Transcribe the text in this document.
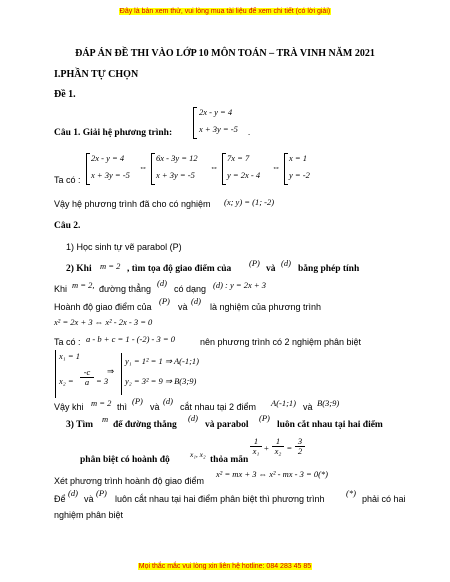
Đây là bản xem thử, vui lòng mua tài liệu để xem chi tiết (có lời giải)
Mọi thắc mắc vui lòng xin liên hệ hotline: 084 283 45 85
ĐÁP ÁN ĐỀ THI VÀO LỚP 10 MÔN TOÁN – TRÀ VINH NĂM 2021
I.PHẦN TỰ CHỌN
Đề 1.
Câu 1. Giải hệ phương trình:
2x - y = 4
x + 3y = -5 .
Ta có :
2x - y = 4
x + 3y = -5
⇔
6x - 3y = 12
x + 3y = -5
⇔
7x = 7
y = 2x - 4
⇔
x = 1
y = -2
Vậy hệ phương trình đã cho có nghiệm (x; y) = (1; -2)
Câu 2.
1) Học sinh tự vẽ parabol (P)
2) Khi m = 2 , tìm tọa độ giao điểm của
(P)
và
(d)
bằng phép tính
Khi m = 2, đường thẳng
(d)
có dạng (d) : y = 2x + 3
Hoành độ giao điểm của
(P)
và
(d)
là nghiệm của phương trình
x² = 2x + 3 ⇔ x² - 2x - 3 = 0
Ta có : a - b + c = 1 - (-2) - 3 = 0	nên phương trình có 2 nghiệm phân biệt
x₁ = 1
$x_2 = \frac{-c}{a} = 3$
⇒
y₁ = 1² = 1 ⇒ A(-1;1)
y₂ = 3² = 9 ⇒ B(3;9)
Vậy khi m = 2 thì
(P)
và
(d)
cắt nhau tại 2 điểm A(-1;1) và B(3;9)
3) Tìm
m
để đường thẳng
(d)
và parabol
(P)
luôn cắt nhau tại hai điểm
phân biệt có hoành độ
x₁, x₂
thỏa mãn
$\frac{1}{\text{x₁}} + \frac{1}{\text{x₂}} = \frac{3}{2}$
Xét phương trình hoành độ giao điểm
x² = mx + 3 ⇔ x² - mx - 3 = 0(*)
Để
(d)
và
(P)
luôn cắt nhau tại hai điểm phân biệt thì phương trình
(*)
phải có hai
nghiệm phân biệt
